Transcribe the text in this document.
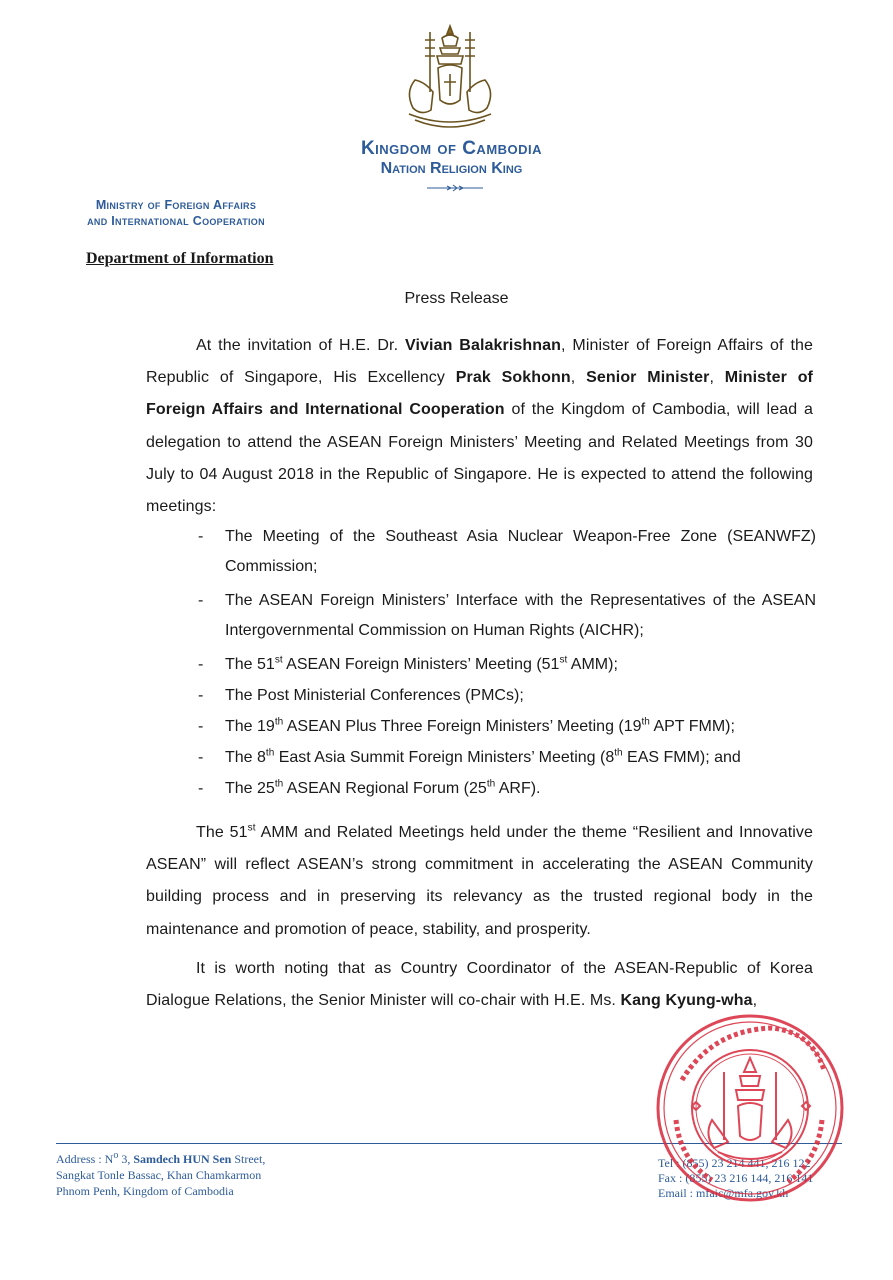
Kingdom of Cambodia
Nation Religion King
Ministry of Foreign Affairs
and International Cooperation
Department of Information
Press Release

At the invitation of H.E. Dr. Vivian Balakrishnan, Minister of Foreign Affairs of the Republic of Singapore, His Excellency Prak Sokhonn, Senior Minister, Minister of Foreign Affairs and International Cooperation of the Kingdom of Cambodia, will lead a delegation to attend the ASEAN Foreign Ministers’ Meeting and Related Meetings from 30 July to 04 August 2018 in the Republic of Singapore. He is expected to attend the following meetings:

- The Meeting of the Southeast Asia Nuclear Weapon-Free Zone (SEANWFZ) Commission;
- The ASEAN Foreign Ministers’ Interface with the Representatives of the ASEAN Intergovernmental Commission on Human Rights (AICHR);
- The 51st ASEAN Foreign Ministers’ Meeting (51st AMM);
- The Post Ministerial Conferences (PMCs);
- The 19th ASEAN Plus Three Foreign Ministers’ Meeting (19th APT FMM);
- The 8th East Asia Summit Foreign Ministers’ Meeting (8th EAS FMM); and
- The 25th ASEAN Regional Forum (25th ARF).

The 51st AMM and Related Meetings held under the theme “Resilient and Innovative ASEAN” will reflect ASEAN’s strong commitment in accelerating the ASEAN Community building process and in preserving its relevancy as the trusted regional body in the maintenance and promotion of peace, stability, and prosperity.

It is worth noting that as Country Coordinator of the ASEAN-Republic of Korea Dialogue Relations, the Senior Minister will co-chair with H.E. Ms. Kang Kyung-wha,

Address : $N^o$ 3, Samdech HUN Sen Street,
Sangkat Tonle Bassac, Khan Chamkarmon
Phnom Penh, Kingdom of Cambodia
Tel : (855) 23 214 441, 216 122
Fax : (855) 23 216 144, 216 141
Email : mfaic@mfa.gov.kh
